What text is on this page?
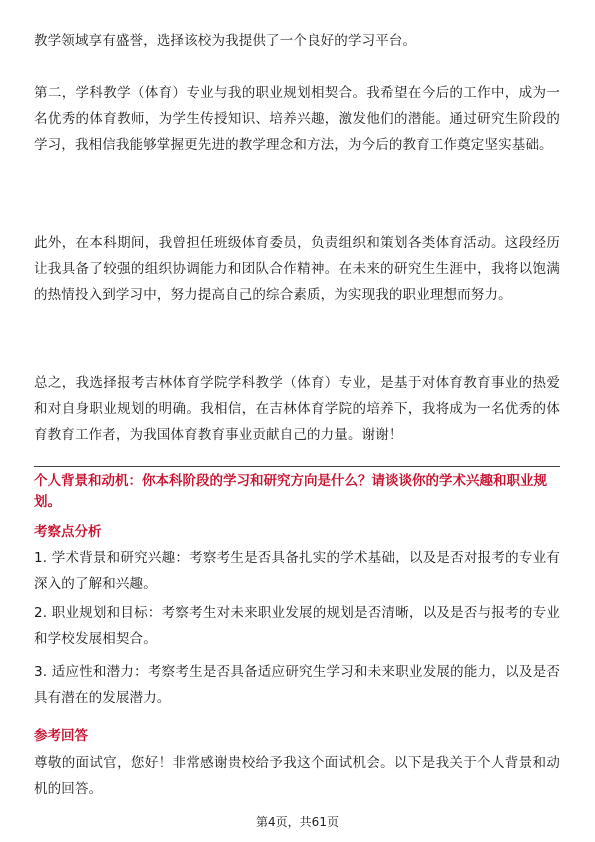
教学领域享有盛誉，选择该校为我提供了一个良好的学习平台。

第二，学科教学（体育）专业与我的职业规划相契合。我希望在今后的工作中，成为一名优秀的体育教师，为学生传授知识、培养兴趣，激发他们的潜能。通过研究生阶段的学习，我相信我能够掌握更先进的教学理念和方法，为今后的教育工作奠定坚实基础。

此外，在本科期间，我曾担任班级体育委员，负责组织和策划各类体育活动。这段经历让我具备了较强的组织协调能力和团队合作精神。在未来的研究生生涯中，我将以饱满的热情投入到学习中，努力提高自己的综合素质，为实现我的职业理想而努力。

总之，我选择报考吉林体育学院学科教学（体育）专业，是基于对体育教育事业的热爱和对自身职业规划的明确。我相信，在吉林体育学院的培养下，我将成为一名优秀的体育教育工作者，为我国体育教育事业贡献自己的力量。谢谢！

个人背景和动机：你本科阶段的学习和研究方向是什么？请谈谈你的学术兴趣和职业规划。

考察点分析

1. 学术背景和研究兴趣：考察考生是否具备扎实的学术基础，以及是否对报考的专业有深入的了解和兴趣。

2. 职业规划和目标：考察考生对未来职业发展的规划是否清晰，以及是否与报考的专业和学校发展相契合。

3. 适应性和潜力：考察考生是否具备适应研究生学习和未来职业发展的能力，以及是否具有潜在的发展潜力。

参考回答

尊敬的面试官，您好！非常感谢贵校给予我这个面试机会。以下是我关于个人背景和动机的回答。

第4页，共61页
